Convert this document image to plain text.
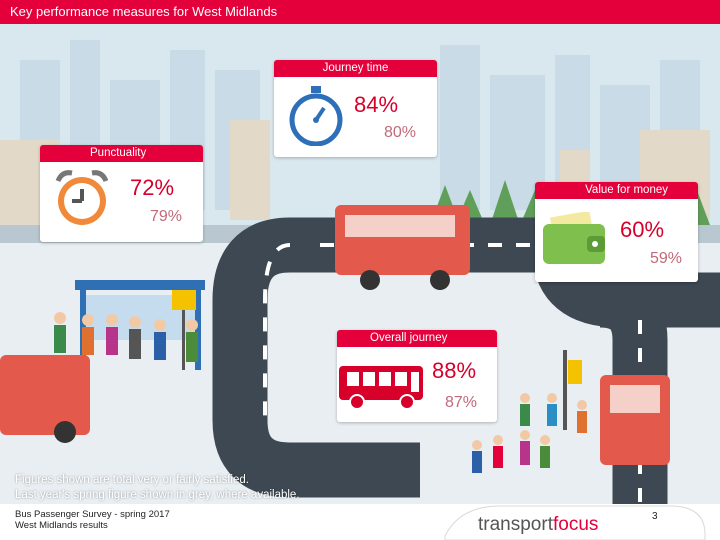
Key performance measures for West Midlands
Journey time
84%
80%
Punctuality
72%
79%
Value for money
60%
59%
Overall journey
88%
87%
Figures shown are total very or fairly satisfied.
Last year's spring figure shown in grey, where available.
Bus Passenger Survey - spring 2017
West Midlands results	transportfocus	3
